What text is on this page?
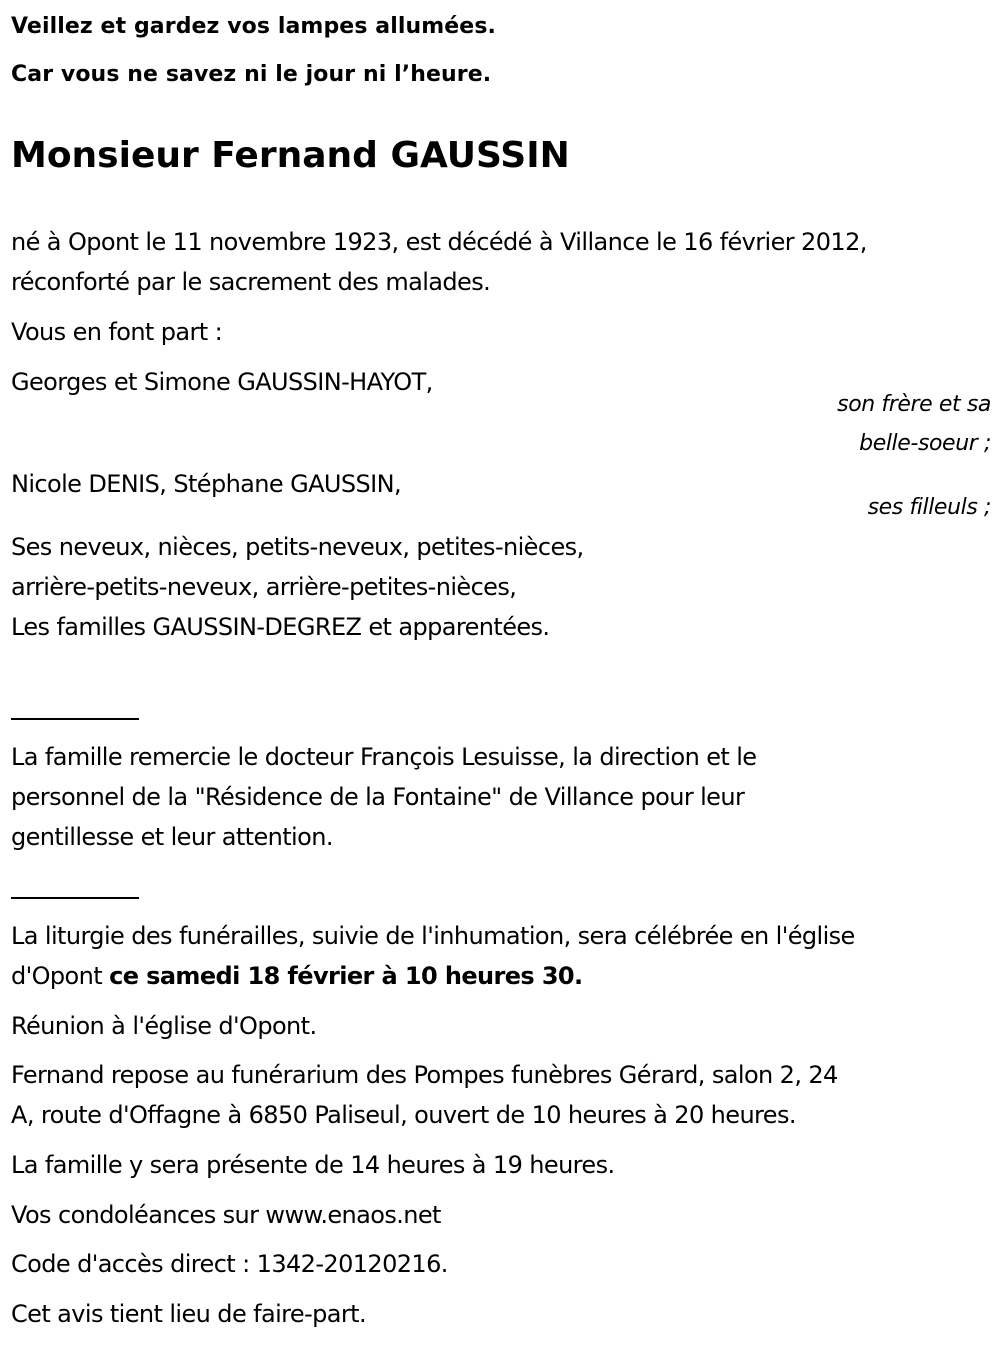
Veillez et gardez vos lampes allumées.
Car vous ne savez ni le jour ni l’heure.
Monsieur Fernand GAUSSIN
né à Opont le 11 novembre 1923, est décédé à Villance le 16 février 2012,
réconforté par le sacrement des malades.
Vous en font part :
Georges et Simone GAUSSIN-HAYOT,
son frère et sa
belle-soeur ;
Nicole DENIS, Stéphane GAUSSIN,
ses filleuls ;
Ses neveux, nièces, petits-neveux, petites-nièces,
arrière-petits-neveux, arrière-petites-nièces,
Les familles GAUSSIN-DEGREZ et apparentées.
La famille remercie le docteur François Lesuisse, la direction et le
personnel de la "Résidence de la Fontaine" de Villance pour leur
gentillesse et leur attention.
La liturgie des funérailles, suivie de l'inhumation, sera célébrée en l'église
d'Opont ce samedi 18 février à 10 heures 30.
Réunion à l'église d'Opont.
Fernand repose au funérarium des Pompes funèbres Gérard, salon 2, 24
A, route d'Offagne à 6850 Paliseul, ouvert de 10 heures à 20 heures.
La famille y sera présente de 14 heures à 19 heures.
Vos condoléances sur www.enaos.net
Code d'accès direct : 1342-20120216.
Cet avis tient lieu de faire-part.
